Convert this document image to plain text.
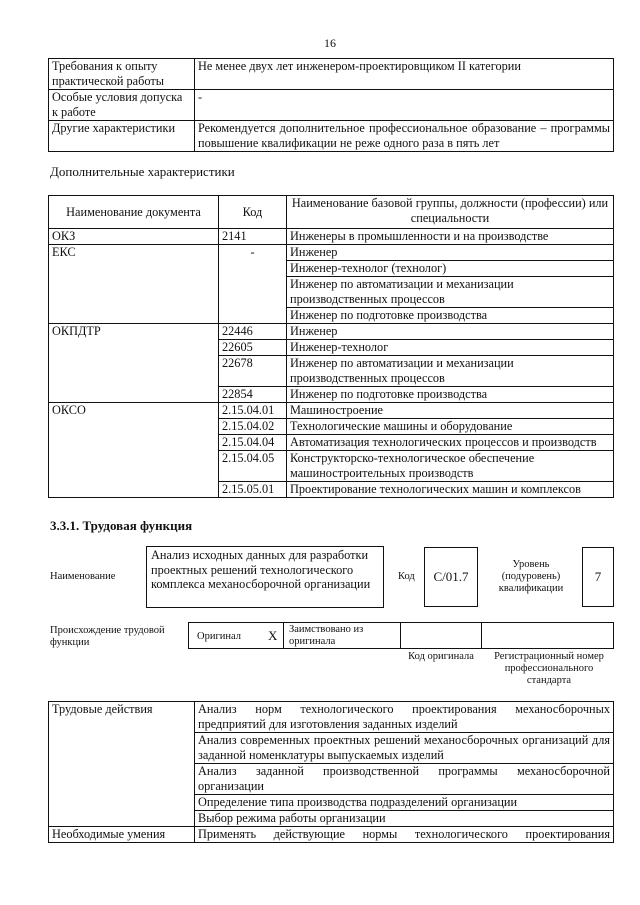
16
Требования к опыту практической работы	Не менее двух лет инженером-проектировщиком II категории
Особые условия допуска к работе	-
Другие характеристики	Рекомендуется дополнительное профессиональное образование – программы повышение квалификации не реже одного раза в пять лет
Дополнительные характеристики
Наименование документа	Код	Наименование базовой группы, должности (профессии) или специальности
ОКЗ	2141	Инженеры в промышленности и на производстве
ЕКС	-	Инженер
		Инженер-технолог (технолог)
		Инженер по автоматизации и механизации производственных процессов
		Инженер по подготовке производства
ОКПДТР	22446	Инженер
	22605	Инженер-технолог
	22678	Инженер по автоматизации и механизации производственных процессов
	22854	Инженер по подготовке производства
ОКСО	2.15.04.01	Машиностроение
	2.15.04.02	Технологические машины и оборудование
	2.15.04.04	Автоматизация технологических процессов и производств
	2.15.04.05	Конструкторско-технологическое обеспечение машиностроительных производств
	2.15.05.01	Проектирование технологических машин и комплексов
3.3.1. Трудовая функция
Наименование
Анализ исходных данных для разработки проектных решений технологического комплекса механосборочной организации
Код С/01.7
Уровень (подуровень) квалификации
7
Происхождение трудовой функции
Оригинал X Заимствовано из оригинала
Код оригинала	Регистрационный номер профессионального стандарта
Трудовые действия	Анализ норм технологического проектирования механосборочных предприятий для изготовления заданных изделий
	Анализ современных проектных решений механосборочных организаций для заданной номенклатуры выпускаемых изделий
	Анализ заданной производственной программы механосборочной организации
	Определение типа производства подразделений организации
	Выбор режима работы организации
Необходимые умения	Применять действующие нормы технологического проектирования
